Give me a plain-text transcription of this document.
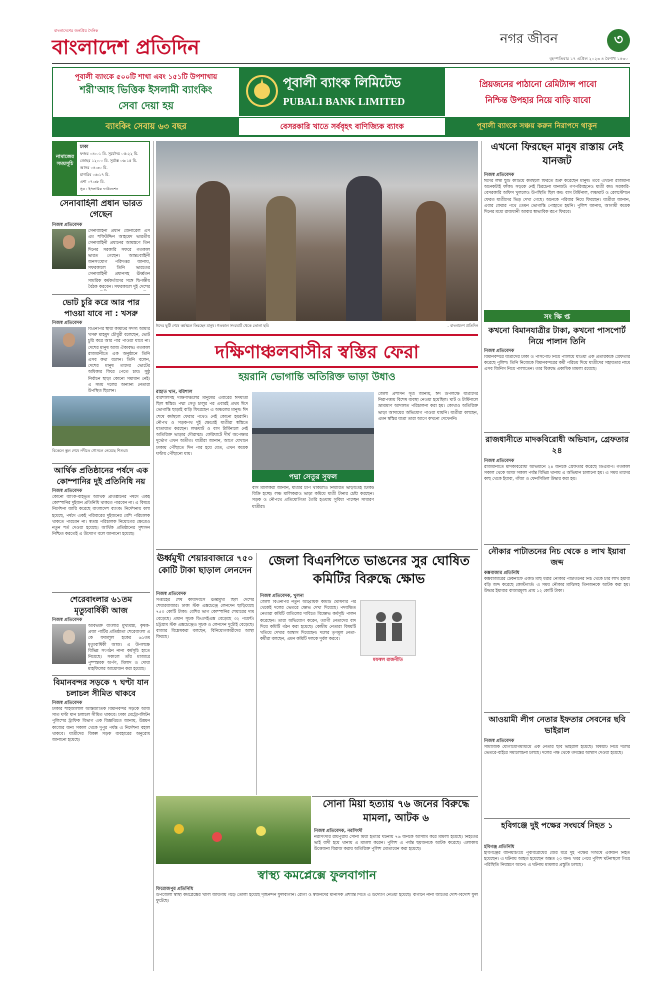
বাংলাদেশের জনপ্রিয় দৈনিক
বাংলাদেশ প্রতিদিন	নগর জীবন	৩
বৃহস্পতিবার ১৭ এপ্রিল ২০২৩ ৪ বৈশাখ ১৪৩০
পূবালী ব্যাংকে ৫০০টি শাখা এবং ১৫১টি উপশাখায়
শরী'আহ ভিত্তিক ইসলামী ব্যাংকিং
সেবা দেয়া হয়
পূবালী ব্যাংক লিমিটেড
PUBALI BANK LIMITED
প্রিয়জনের পাঠানো রেমিট্যান্স পাবো
নিশ্চিন্ত উপহার নিয়ে বাড়ি যাবো
ব্যাংকিং সেবায় ৬৩ বছর	বেসরকারি খাতে সর্ববৃহৎ বাণিজ্যিক ব্যাংক	পূবালী ব্যাংকে সঞ্চয় করুন নিরাপদে থাকুন
নামাজের সময়সূচি
ঢাকা
ফজর ০৪:০১ মি. সূর্যোদয় ০৫:২২ মি.
জোহর ১২:০০ মি. সূর্যাস্ত ০৬:১৫ মি.
আসর ০৪:৩০ মি.
মাগরিব ০৬:১৭ মি.
এশা ০৭:৩৮ মি.
সূত্র : ইসলামিক ফাউন্ডেশন
সেনাবাহিনী প্রধান ভারত গেছেন
নিজস্ব প্রতিবেদক
সেনাবাহিনী প্রধান জেনারেল এস এম শফিউদ্দিন আহমেদ ভারতীয় সেনাবাহিনী প্রধানের আমন্ত্রণে তিন দিনের সরকারি সফরে গতকাল ভারত গেছেন। আন্তঃবাহিনী জনসংযোগ পরিদপ্তর জানায়, সফরকালে তিনি ভারতের সেনাবাহিনী প্রধানসহ ঊর্ধ্বতন সামরিক কর্মকর্তাদের সঙ্গে দ্বিপক্ষীয় বৈঠক করবেন। সফরকালে দুই দেশের
ভোট চুরি করে আর পার পাওয়া যাবে না : খসরু
নিজস্ব প্রতিবেদক
বিএনপির স্থায়ী কমিটির সদস্য আমীর খসরু মাহমুদ চৌধুরী বলেছেন, ভোট চুরি করে আর পার পাওয়া যাবে না। দেশের মানুষ আজ ঐক্যবদ্ধ। গতকাল রাজধানীতে এক অনুষ্ঠানে তিনি এসব কথা বলেন। তিনি বলেন, দেশের মানুষ তাদের ভোটের অধিকার ফিরে পেতে চায়। সুষ্ঠু নির্বাচন ছাড়া কোনো সমাধান নেই। এ সময় দলের অন্যান্য নেতারা উপস্থিত ছিলেন।
বিকেলে স্কুল শেষে নদীতে গোসলে নেমেছে শিশুরা।
আর্থিক প্রতিষ্ঠানের পর্ষদে এক কোম্পানির দুই প্রতিনিধি নয়
নিজস্ব প্রতিবেদক
কোনো ব্যাংক-বহির্ভূত আর্থিক প্রতিষ্ঠানের পর্ষদে একই কোম্পানির দুইজন প্রতিনিধি থাকতে পারবেন না। এ বিষয়ে নির্দেশনা জারি করেছে বাংলাদেশ ব্যাংক। নির্দেশনায় বলা হয়েছে, পর্ষদে একই পরিবারের দুইজনের বেশি পরিচালক থাকতে পারবেন না। স্বতন্ত্র পরিচালক নিয়োগের ক্ষেত্রেও নতুন শর্ত দেওয়া হয়েছে। আর্থিক প্রতিষ্ঠানের সুশাসন নিশ্চিত করতেই এ উদ্যোগ বলে জানানো হয়েছে।
শেরেবাংলার ৬১তম মৃত্যুবার্ষিকী আজ
নিজস্ব প্রতিবেদক
অবিভক্ত বাংলার মুখ্যমন্ত্রী, কৃষক-প্রজা পার্টির প্রতিষ্ঠাতা শেরেবাংলা এ কে ফজলুল হকের ৬১তম মৃত্যুবার্ষিকী আজ। এ উপলক্ষে বিভিন্ন সংগঠন নানা কর্মসূচি হাতে নিয়েছে। সকালে তাঁর মাজারে পুষ্পস্তবক অর্পণ, মিলাদ ও দোয়া মাহফিলের আয়োজন করা হয়েছে।
বিমানবন্দর সড়কে ৭ ঘণ্টা যান চলাচল সীমিত থাকবে
নিজস্ব প্রতিবেদক
ঢাকার শাহজালাল আন্তর্জাতিক বিমানবন্দর সড়কে আজ সাত ঘণ্টা যান চলাচল সীমিত থাকবে। ঢাকা মেট্রোপলিটন পুলিশের ট্রাফিক বিভাগ এক বিজ্ঞপ্তিতে জানায়, উন্নয়ন কাজের জন্য সকাল থেকে দুপুর পর্যন্ত এ নির্দেশনা বহাল থাকবে। যাত্রীদের বিকল্প সড়ক ব্যবহারের অনুরোধ জানানো হয়েছে।
ঈদের ছুটি শেষে কর্মস্থলে ফিরছেন মানুষ। গতকাল সদরঘাট থেকে তোলা ছবি	- বাংলাদেশ প্রতিদিন
দক্ষিণাঞ্চলবাসীর স্বস্তির ফেরা
হয়রানি ভোগান্তি অতিরিক্ত ভাড়া উধাও
রাহাত খান, বরিশাল
বরিশালসহ দক্ষিণাঞ্চলের মানুষের এবারের ঈদযাত্রা ছিল স্বস্তির। পদ্মা সেতু চালুর পর এবারই প্রথম ঈদে ভোগান্তি ছাড়াই বাড়ি ফিরেছেন এ অঞ্চলের মানুষ। ঈদ শেষে কর্মস্থলে ফেরার পথেও নেই কোনো হয়রানি। নৌপথ ও সড়কপথ দুই ক্ষেত্রেই যাত্রীরা স্বস্তিতে যাতায়াত করছেন। লঞ্চঘাট ও বাস টার্মিনালে নেই অতিরিক্ত ভাড়ার দৌরাত্ম্য। ফেরিঘাটে দীর্ঘ অপেক্ষার দুর্ভোগ এখন অতীত। যাত্রীরা জানান, আগে যেখানে ঢাকায় পৌঁছাতে দিন পার হয়ে যেত, এখন কয়েক ঘণ্টায় পৌঁছানো যায়।
পদ্মা সেতুর সুফল
বাস মালিকরা জানান, যাত্রীর চাপ থাকলেও নির্ধারিত ভাড়াতেই টিকিট বিক্রি হচ্ছে। লঞ্চ মালিকরাও ভাড়া কমিয়ে যাত্রী টানার চেষ্টা করছেন। সড়ক ও নৌপথে প্রতিযোগিতা তৈরি হওয়ায় সুবিধা পাচ্ছেন সাধারণ যাত্রীরা।
জেলা প্রশাসন সূত্র জানায়, ঈদ উপলক্ষে যাত্রীদের নিরাপত্তায় বিশেষ ব্যবস্থা নেওয়া হয়েছিল। ঘাট ও টার্মিনালে ভ্রাম্যমাণ আদালত পরিচালনা করা হয়। কোথাও অতিরিক্ত ভাড়া আদায়ের অভিযোগ পাওয়া যায়নি। যাত্রীরা বলছেন, এমন স্বস্তির যাত্রা তারা আগে কখনো দেখেননি।
ঊর্ধ্বমুখী শেয়ারবাজারে ৭৫০ কোটি টাকা ছাড়াল লেনদেন
নিজস্ব প্রতিবেদক
সপ্তাহের শেষ কার্যদিবসে ঊর্ধ্বমুখী ছিল দেশের শেয়ারবাজার। ঢাকা স্টক এক্সচেঞ্জে লেনদেন ছাড়িয়েছে ৭৫০ কোটি টাকা। বেশির ভাগ কোম্পানির শেয়ারের দাম বেড়েছে। প্রধান সূচক ডিএসইএক্স বেড়েছে ৩২ পয়েন্ট। চট্টগ্রাম স্টক এক্সচেঞ্জেও সূচক ও লেনদেন দুটোই বেড়েছে। বাজার বিশ্লেষকরা বলছেন, বিনিয়োগকারীদের আস্থা ফিরছে।
স্বাস্থ্য কমপ্লেক্সে ফুলবাগান
ফিরোজপুর প্রতিনিধি
উপজেলা স্বাস্থ্য কমপ্লেক্সের খালি জায়গায় গড়ে তোলা হয়েছে দৃষ্টিনন্দন ফুলবাগান। রোগী ও স্বজনদের মানসিক প্রশান্তি দিতে এ উদ্যোগ নেওয়া হয়েছে। বাগানে নানা জাতের দেশি-বিদেশি ফুল ফুটেছে।
জেলা বিএনপিতে ভাঙনের সুর ঘোষিত কমিটির বিরুদ্ধে ক্ষোভ
নিজস্ব প্রতিবেদক, খুলনা
জেলা বিএনপির নতুন আহ্বায়ক কমিটি ঘোষণার পর থেকেই দলের ভেতরে ক্ষোভ দেখা দিয়েছে। পদবঞ্চিত নেতারা কমিটি বাতিলের দাবিতে বিক্ষোভ কর্মসূচি পালন করেছেন। তারা অভিযোগ করেন, ত্যাগী নেতাদের বাদ দিয়ে কমিটি গঠন করা হয়েছে। কেন্দ্রীয় নেতারা বিষয়টি খতিয়ে দেখার আশ্বাস দিয়েছেন। দলের তৃণমূল নেতা-কর্মীরা বলছেন, এমন কমিটি দলকে দুর্বল করবে।
মফস্বল রাজনীতি
সোনা মিয়া হত্যায় ৭৬ জনের বিরুদ্ধে মামলা, আটক ৬
নিজস্ব প্রতিবেদক, নরসিংদী
নরসিংদীর রায়পুরায় সোনা মিয়া হত্যার ঘটনায় ৭৬ জনকে আসামি করে মামলা হয়েছে। নিহতের ভাই বাদী হয়ে থানায় এ মামলা করেন। পুলিশ এ পর্যন্ত ছয়জনকে আটক করেছে। এলাকায় উত্তেজনা বিরাজ করায় অতিরিক্ত পুলিশ মোতায়েন করা হয়েছে।
এখনো ফিরছেন মানুষ রাস্তায় নেই যানজট
নিজস্ব প্রতিবেদক
ঈদের লম্বা ছুটি কাটিয়ে কর্মস্থলে ফিরতে শুরু করেছেন মানুষ। তবে এখনো রাজধানী অনেকটাই ফাঁকা। সড়কে নেই চিরচেনা যানজট। গণপরিবহনেও যাত্রী কম। সরকারি-বেসরকারি অফিস খুললেও উপস্থিতি ছিল কম। বাস টার্মিনাল, লঞ্চঘাট ও রেলস্টেশনে ফেরত যাত্রীদের ভিড় দেখা গেছে। অনেকে পরিবার নিয়ে ফিরছেন। যাত্রীরা জানান, এবার ফেরার পথে তেমন ভোগান্তি পোহাতে হয়নি। পুলিশ জানায়, আগামী কয়েক দিনের মধ্যে রাজধানী আবার স্বাভাবিক রূপে ফিরবে।
সং ক্ষি প্ত
কখনো বিমানযাত্রীর টাকা, কখনো পাসপোর্ট নিয়ে পালান তিনি
নিজস্ব প্রতিবেদক
বিমানবন্দরে যাত্রীদের টাকা ও পাসপোর্ট নিয়ে পালিয়ে যাওয়া এক প্রতারককে গ্রেফতার করেছে পুলিশ। তিনি নিজেকে বিমানবন্দরের কর্মী পরিচয় দিয়ে যাত্রীদের সহায়তার নামে এসব জিনিস নিয়ে পালাতেন। তার বিরুদ্ধে একাধিক মামলা রয়েছে।
রাজধানীতে মাদকবিরোধী অভিযান, গ্রেফতার ২৪
নিজস্ব প্রতিবেদক
রাজধানীতে মাদকবিরোধী অভিযানে ২৪ জনকে গ্রেফতার করেছে ডিএমপি। গতকাল সকাল থেকে আজ সকাল পর্যন্ত বিভিন্ন থানায় এ অভিযান চালানো হয়। এ সময় তাদের কাছ থেকে ইয়াবা, গাঁজা ও ফেনসিডিল উদ্ধার করা হয়।
নৌকার পাটাতনের নিচ থেকে ৪ লাখ ইয়াবা জব্দ
কক্সবাজার প্রতিনিধি
কক্সবাজারের টেকনাফে একটি মাছ ধরার নৌকার পাটাতনের নিচ থেকে চার লাখ ইয়াবা বড়ি জব্দ করেছে কোস্টগার্ড। এ সময় নৌকার মাঝিসহ তিনজনকে আটক করা হয়। উদ্ধার ইয়াবার বাজারমূল্য প্রায় ১২ কোটি টাকা।
আওয়ামী লীগ নেতার ইফতার সেবনের ছবি ভাইরাল
নিজস্ব প্রতিবেদক
সামাজিক যোগাযোগমাধ্যমে এক নেতার ছবি ভাইরাল হয়েছে। বিষয়টি নিয়ে দলের ভেতরে-বাইরে সমালোচনা চলছে। দলের পক্ষ থেকে তদন্তের আশ্বাস দেওয়া হয়েছে।
হবিগঞ্জে দুই পক্ষের সংঘর্ষে নিহত ১
হবিগঞ্জ প্রতিনিধি
হবিগঞ্জের বানিয়াচংয়ে পূর্ববিরোধের জের ধরে দুই পক্ষের সংঘর্ষে একজন নিহত হয়েছেন। এ ঘটনায় আহত হয়েছেন অন্তত ২০ জন। খবর পেয়ে পুলিশ ঘটনাস্থলে গিয়ে পরিস্থিতি নিয়ন্ত্রণে আনে। এ ঘটনায় মামলার প্রস্তুতি চলছে।
